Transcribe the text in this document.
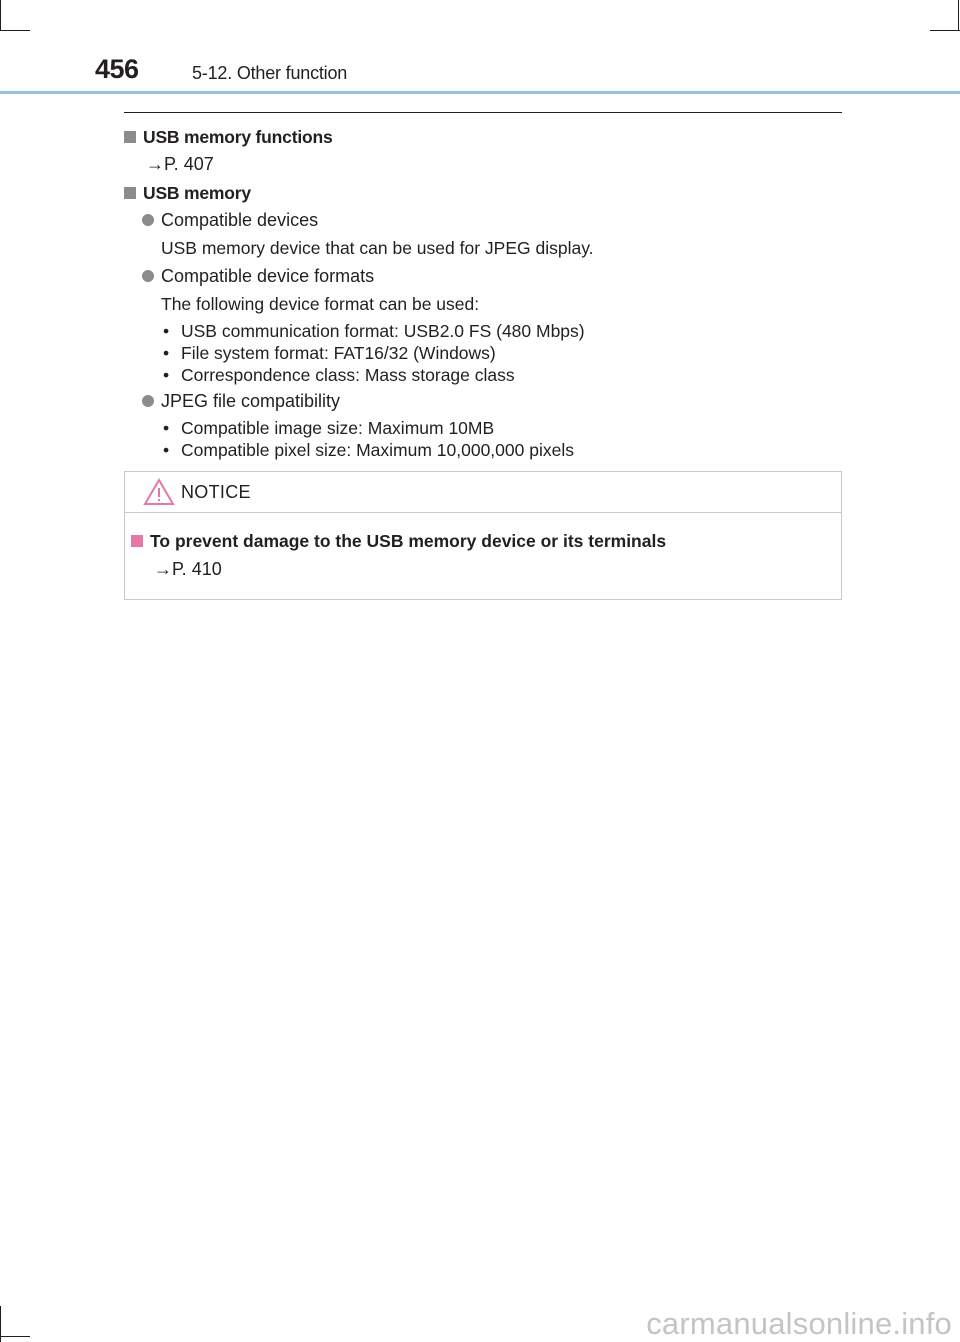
456	5-12. Other function
USB memory functions
→P. 407
USB memory
Compatible devices
USB memory device that can be used for JPEG display.
Compatible device formats
The following device format can be used:
• USB communication format: USB2.0 FS (480 Mbps)
• File system format: FAT16/32 (Windows)
• Correspondence class: Mass storage class
JPEG file compatibility
• Compatible image size: Maximum 10MB
• Compatible pixel size: Maximum 10,000,000 pixels
NOTICE
To prevent damage to the USB memory device or its terminals
→P. 410
carmanualsonline.info
